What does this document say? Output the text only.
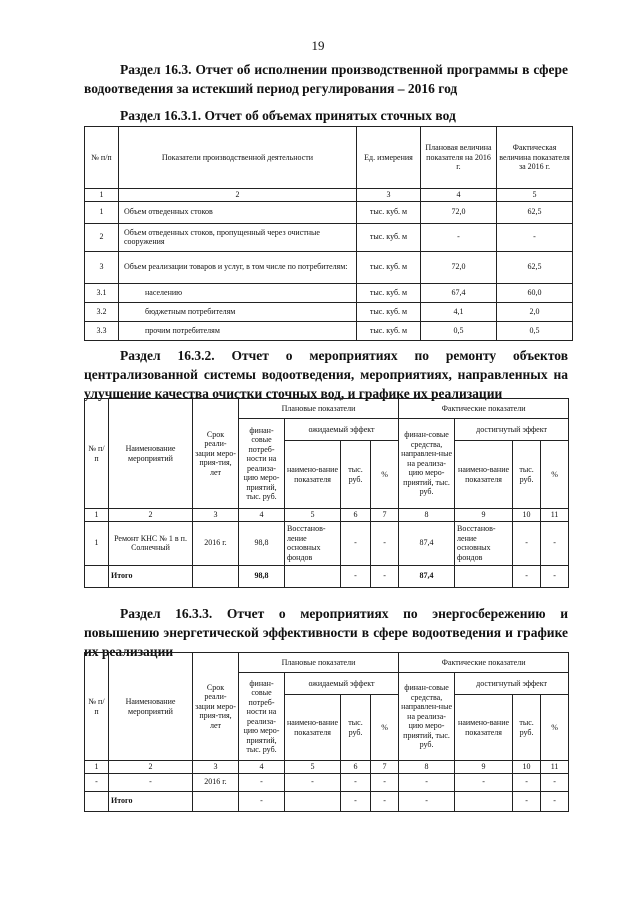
19
Раздел 16.3. Отчет об исполнении производственной программы в сфере водоотведения за истекший период регулирования – 2016 год
Раздел 16.3.1. Отчет об объемах принятых сточных вод
№ п/п	Показатели производственной деятельности	Ед. измерения	Плановая величина показателя на 2016 г.	Фактическая величина показателя за 2016 г.
1	2	3	4	5
1	Объем отведенных стоков	тыс. куб. м	72,0	62,5
2	Объем отведенных стоков, пропущенный через очистные сооружения	тыс. куб. м	-	-
3	Объем реализации товаров и услуг, в том числе по потребителям:	тыс. куб. м	72,0	62,5
3.1	населению	тыс. куб. м	67,4	60,0
3.2	бюджетным потребителям	тыс. куб. м	4,1	2,0
3.3	прочим потребителям	тыс. куб. м	0,5	0,5
Раздел 16.3.2. Отчет о мероприятиях по ремонту объектов централизованной системы водоотведения, мероприятиях, направленных на улучшение качества очистки сточных вод, и графике их реализации
№ п/п	Наименование мероприятий	Срок реали-зации меро-прия-тия, лет	Плановые показатели				Фактические показатели			
			финан-совые потреб-ности на реализа-цию меро-приятий, тыс. руб.	ожидаемый эффект			финан-совые средства, направлен-ные на реализа-цию меро-приятий, тыс. руб.	достигнутый эффект		
				наимено-вание показателя	тыс. руб.	%		наимено-вание показателя	тыс. руб.	%
1	2	3	4	5	6	7	8	9	10	11
1	Ремонт КНС № 1 в п. Солнечный	2016 г.	98,8	Восстанов-ление основных фондов	-	-	87,4	Восстанов-ление основных фондов	-	-
	Итого		98,8		-	-	87,4		-	-
Раздел 16.3.3. Отчет о мероприятиях по энергосбережению и повышению энергетической эффективности в сфере водоотведения и графике их реализации
№ п/п	Наименование мероприятий	Срок реали-зации меро-прия-тия, лет	Плановые показатели				Фактические показатели			
			финан-совые потреб-ности на реализа-цию меро-приятий, тыс. руб.	ожидаемый эффект			финан-совые средства, направлен-ные на реализа-цию меро-приятий, тыс. руб.	достигнутый эффект		
				наимено-вание показателя	тыс. руб.	%		наимено-вание показателя	тыс. руб.	%
1	2	3	4	5	6	7	8	9	10	11
-	-	2016 г.	-	-	-	-	-	-	-	-
	Итого		-		-	-	-		-	-
